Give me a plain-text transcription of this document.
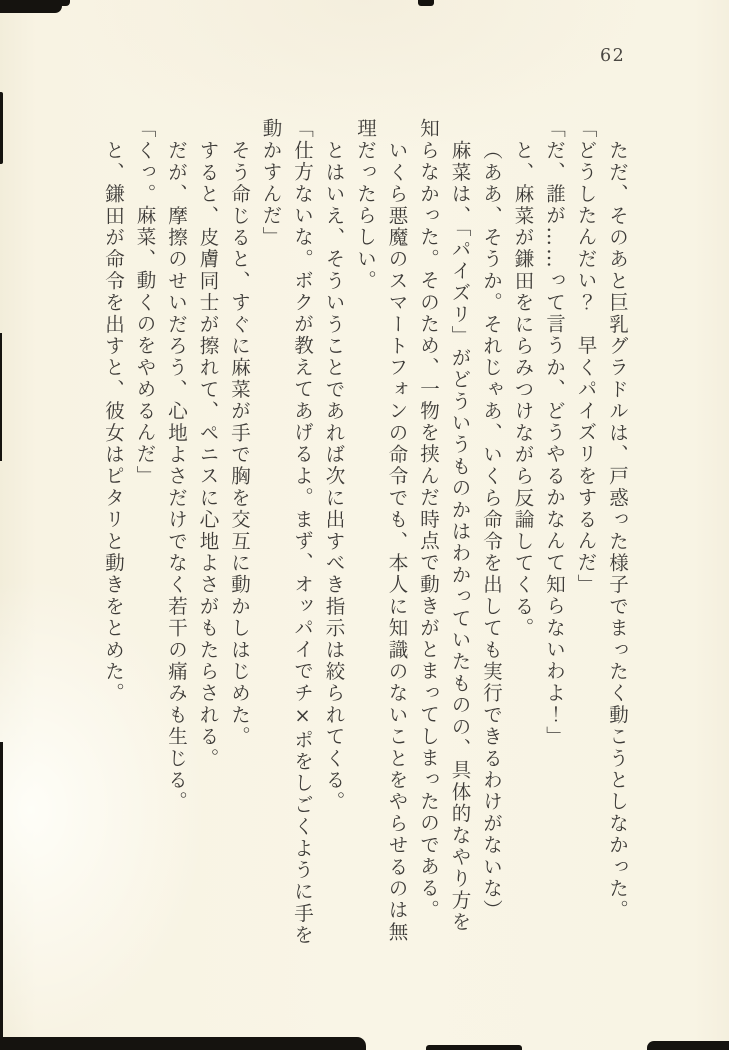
62

ただ、そのあと巨乳グラドルは、戸惑った様子でまったく動こうとしなかった。

「どうしたんだい？　早くパイズリをするんだ」

「だ、誰が……って言うか、どうやるかなんて知らないわよ！」

と、麻菜が鎌田をにらみつけながら反論してくる。

（ああ、そうか。それじゃあ、いくら命令を出しても実行できるわけがないな）

麻菜は、「パイズリ」がどういうものかはわかっていたものの、具体的なやり方を

知らなかった。そのため、一物を挟んだ時点で動きがとまってしまったのである。

いくら悪魔のスマートフォンの命令でも、本人に知識のないことをやらせるのは無

理だったらしい。

とはいえ、そういうことであれば次に出すべき指示は絞られてくる。

「仕方ないな。ボクが教えてあげるよ。まず、オッパイでチ×ポをしごくように手を

動かすんだ」

そう命じると、すぐに麻菜が手で胸を交互に動かしはじめた。

すると、皮膚同士が擦れて、ペニスに心地よさがもたらされる。

だが、摩擦のせいだろう、心地よさだけでなく若干の痛みも生じる。

「くっ。麻菜、動くのをやめるんだ」

と、鎌田が命令を出すと、彼女はピタリと動きをとめた。
